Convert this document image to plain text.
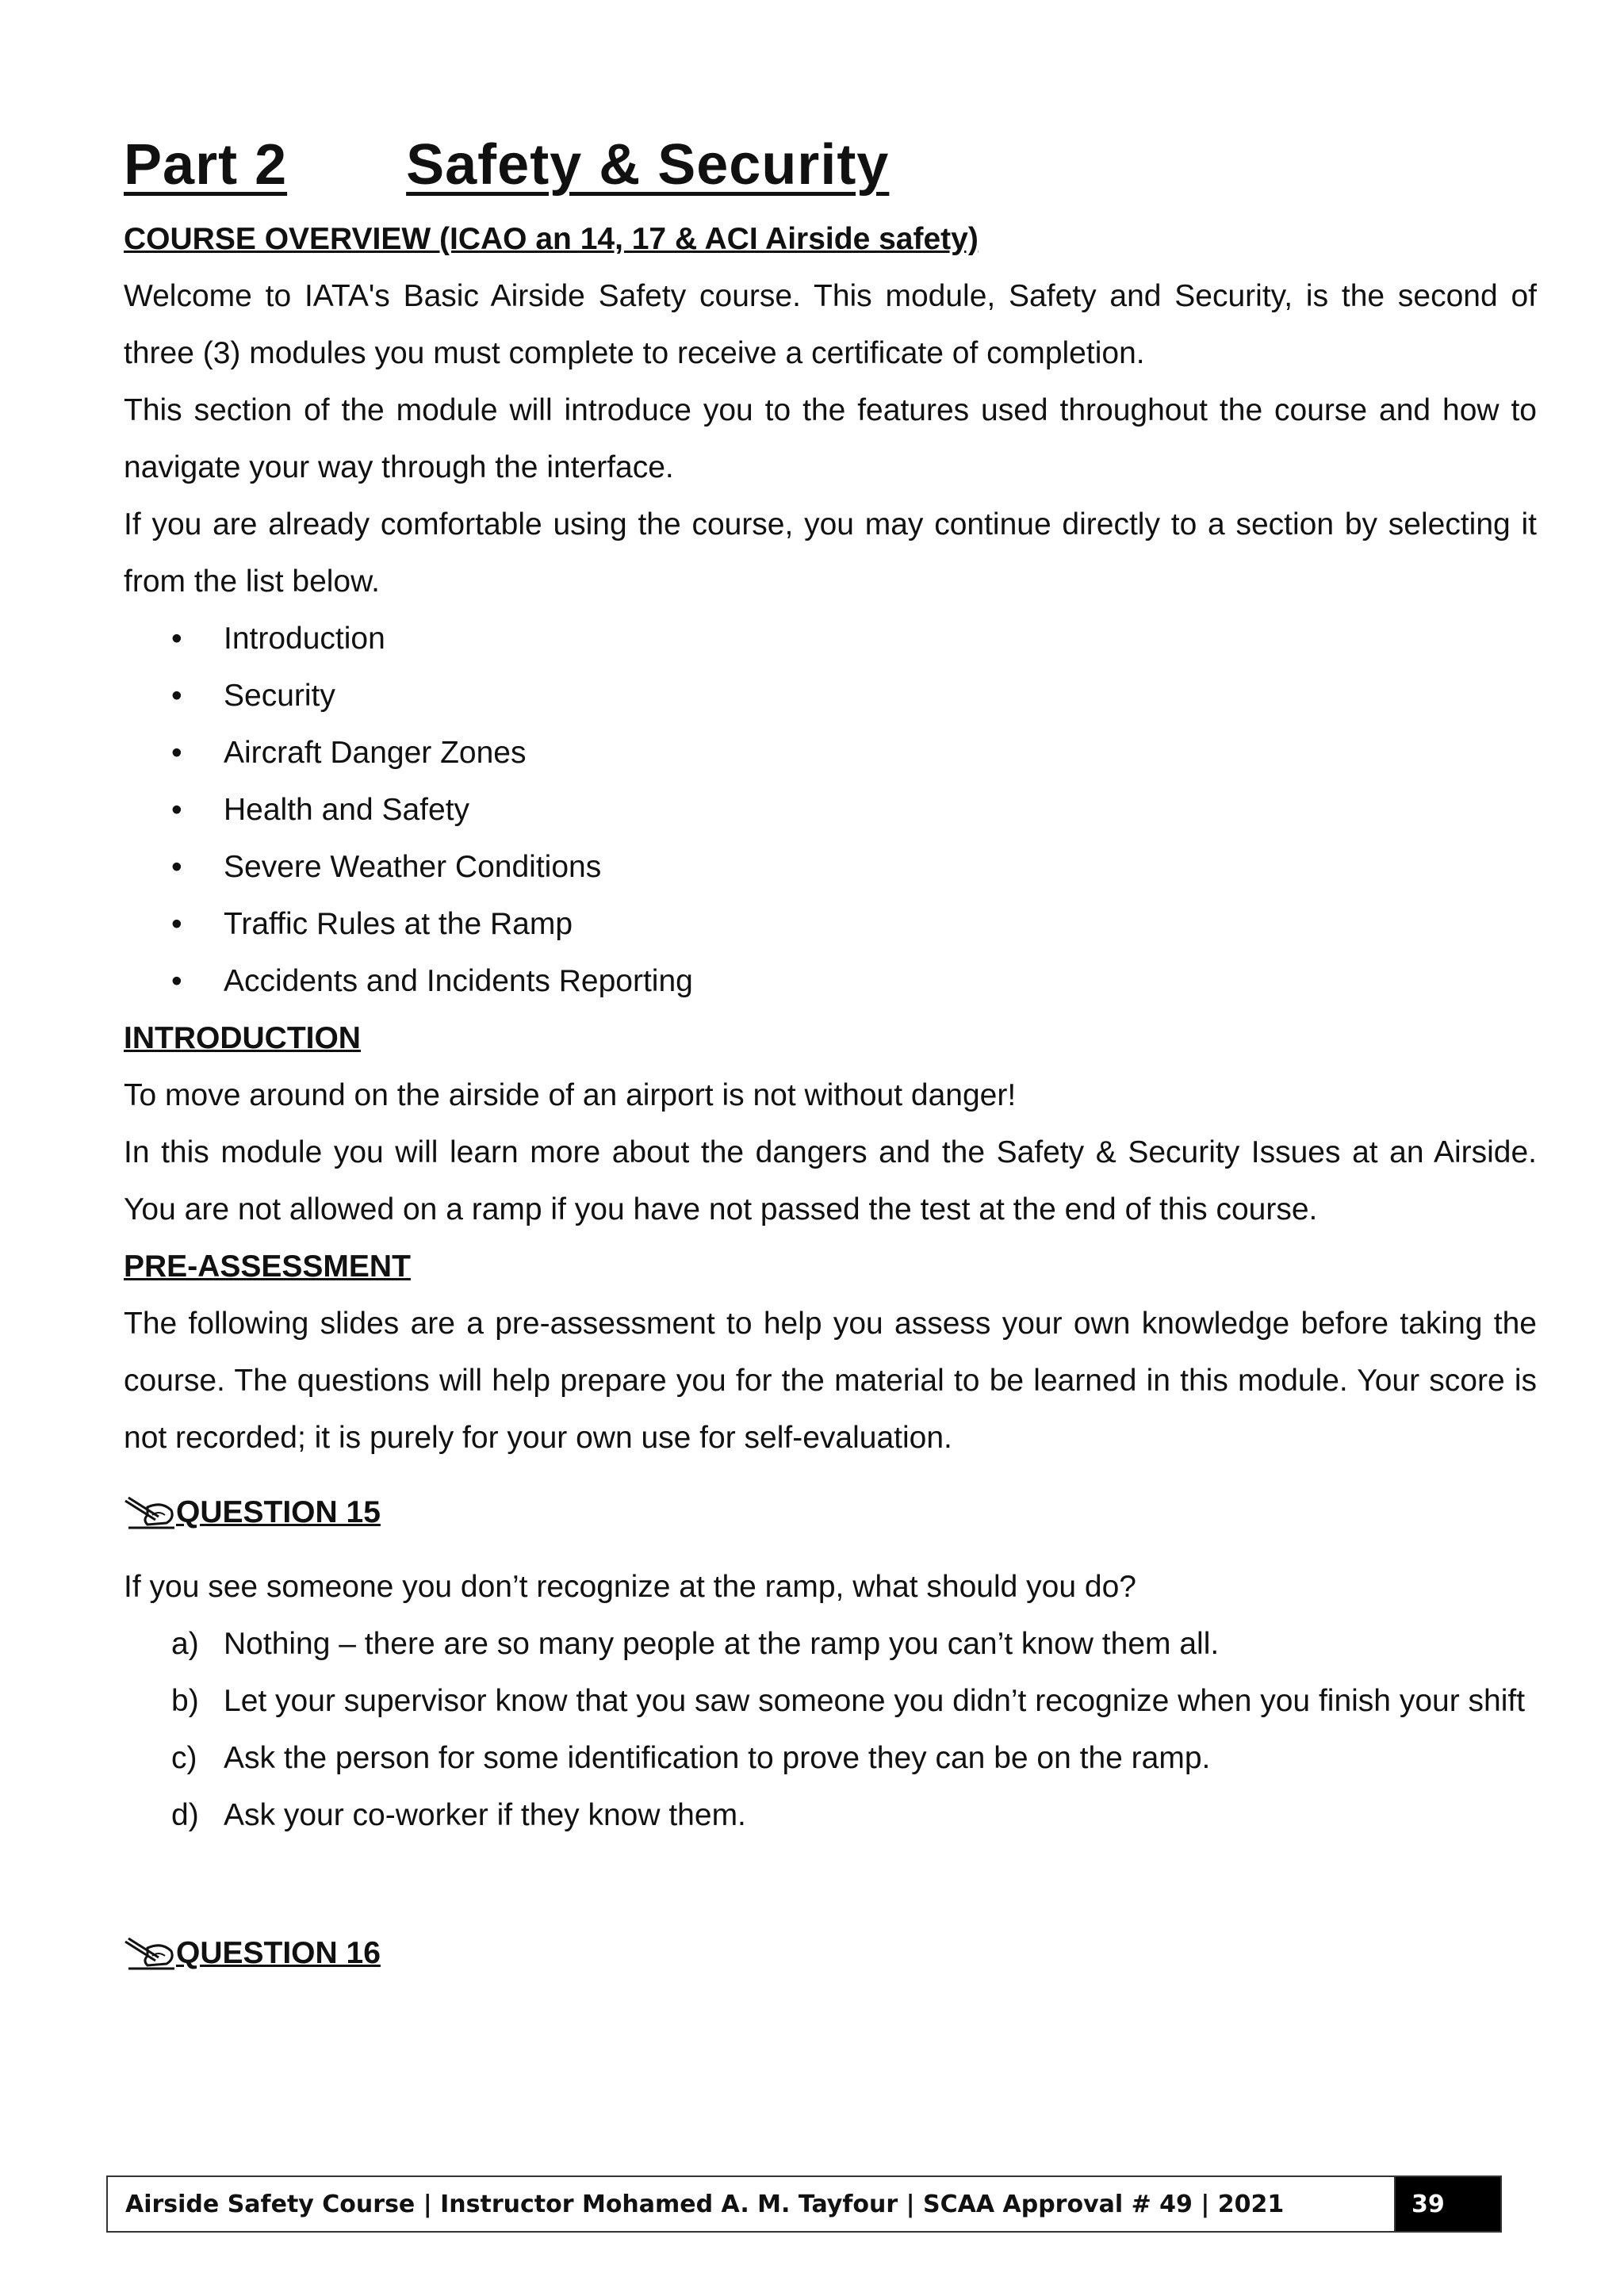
Part 2 Safety & Security
COURSE OVERVIEW (ICAO an 14, 17 & ACI Airside safety)

Welcome to IATA's Basic Airside Safety course. This module, Safety and Security, is the second of three (3) modules you must complete to receive a certificate of completion.

This section of the module will introduce you to the features used throughout the course and how to navigate your way through the interface.

If you are already comfortable using the course, you may continue directly to a section by selecting it from the list below.

• Introduction
• Security
• Aircraft Danger Zones
• Health and Safety
• Severe Weather Conditions
• Traffic Rules at the Ramp
• Accidents and Incidents Reporting
INTRODUCTION

To move around on the airside of an airport is not without danger!

In this module you will learn more about the dangers and the Safety & Security Issues at an Airside. You are not allowed on a ramp if you have not passed the test at the end of this course.

PRE-ASSESSMENT

The following slides are a pre-assessment to help you assess your own knowledge before taking the course. The questions will help prepare you for the material to be learned in this module. Your score is not recorded; it is purely for your own use for self-evaluation.

QUESTION 15

If you see someone you don’t recognize at the ramp, what should you do?

a) Nothing – there are so many people at the ramp you can’t know them all.
b) Let your supervisor know that you saw someone you didn’t recognize when you finish your shift
c) Ask the person for some identification to prove they can be on the ramp.
d) Ask your co-worker if they know them.
QUESTION 16
Airside Safety Course | Instructor Mohamed A. M. Tayfour | SCAA Approval # 49 | 2021	39
